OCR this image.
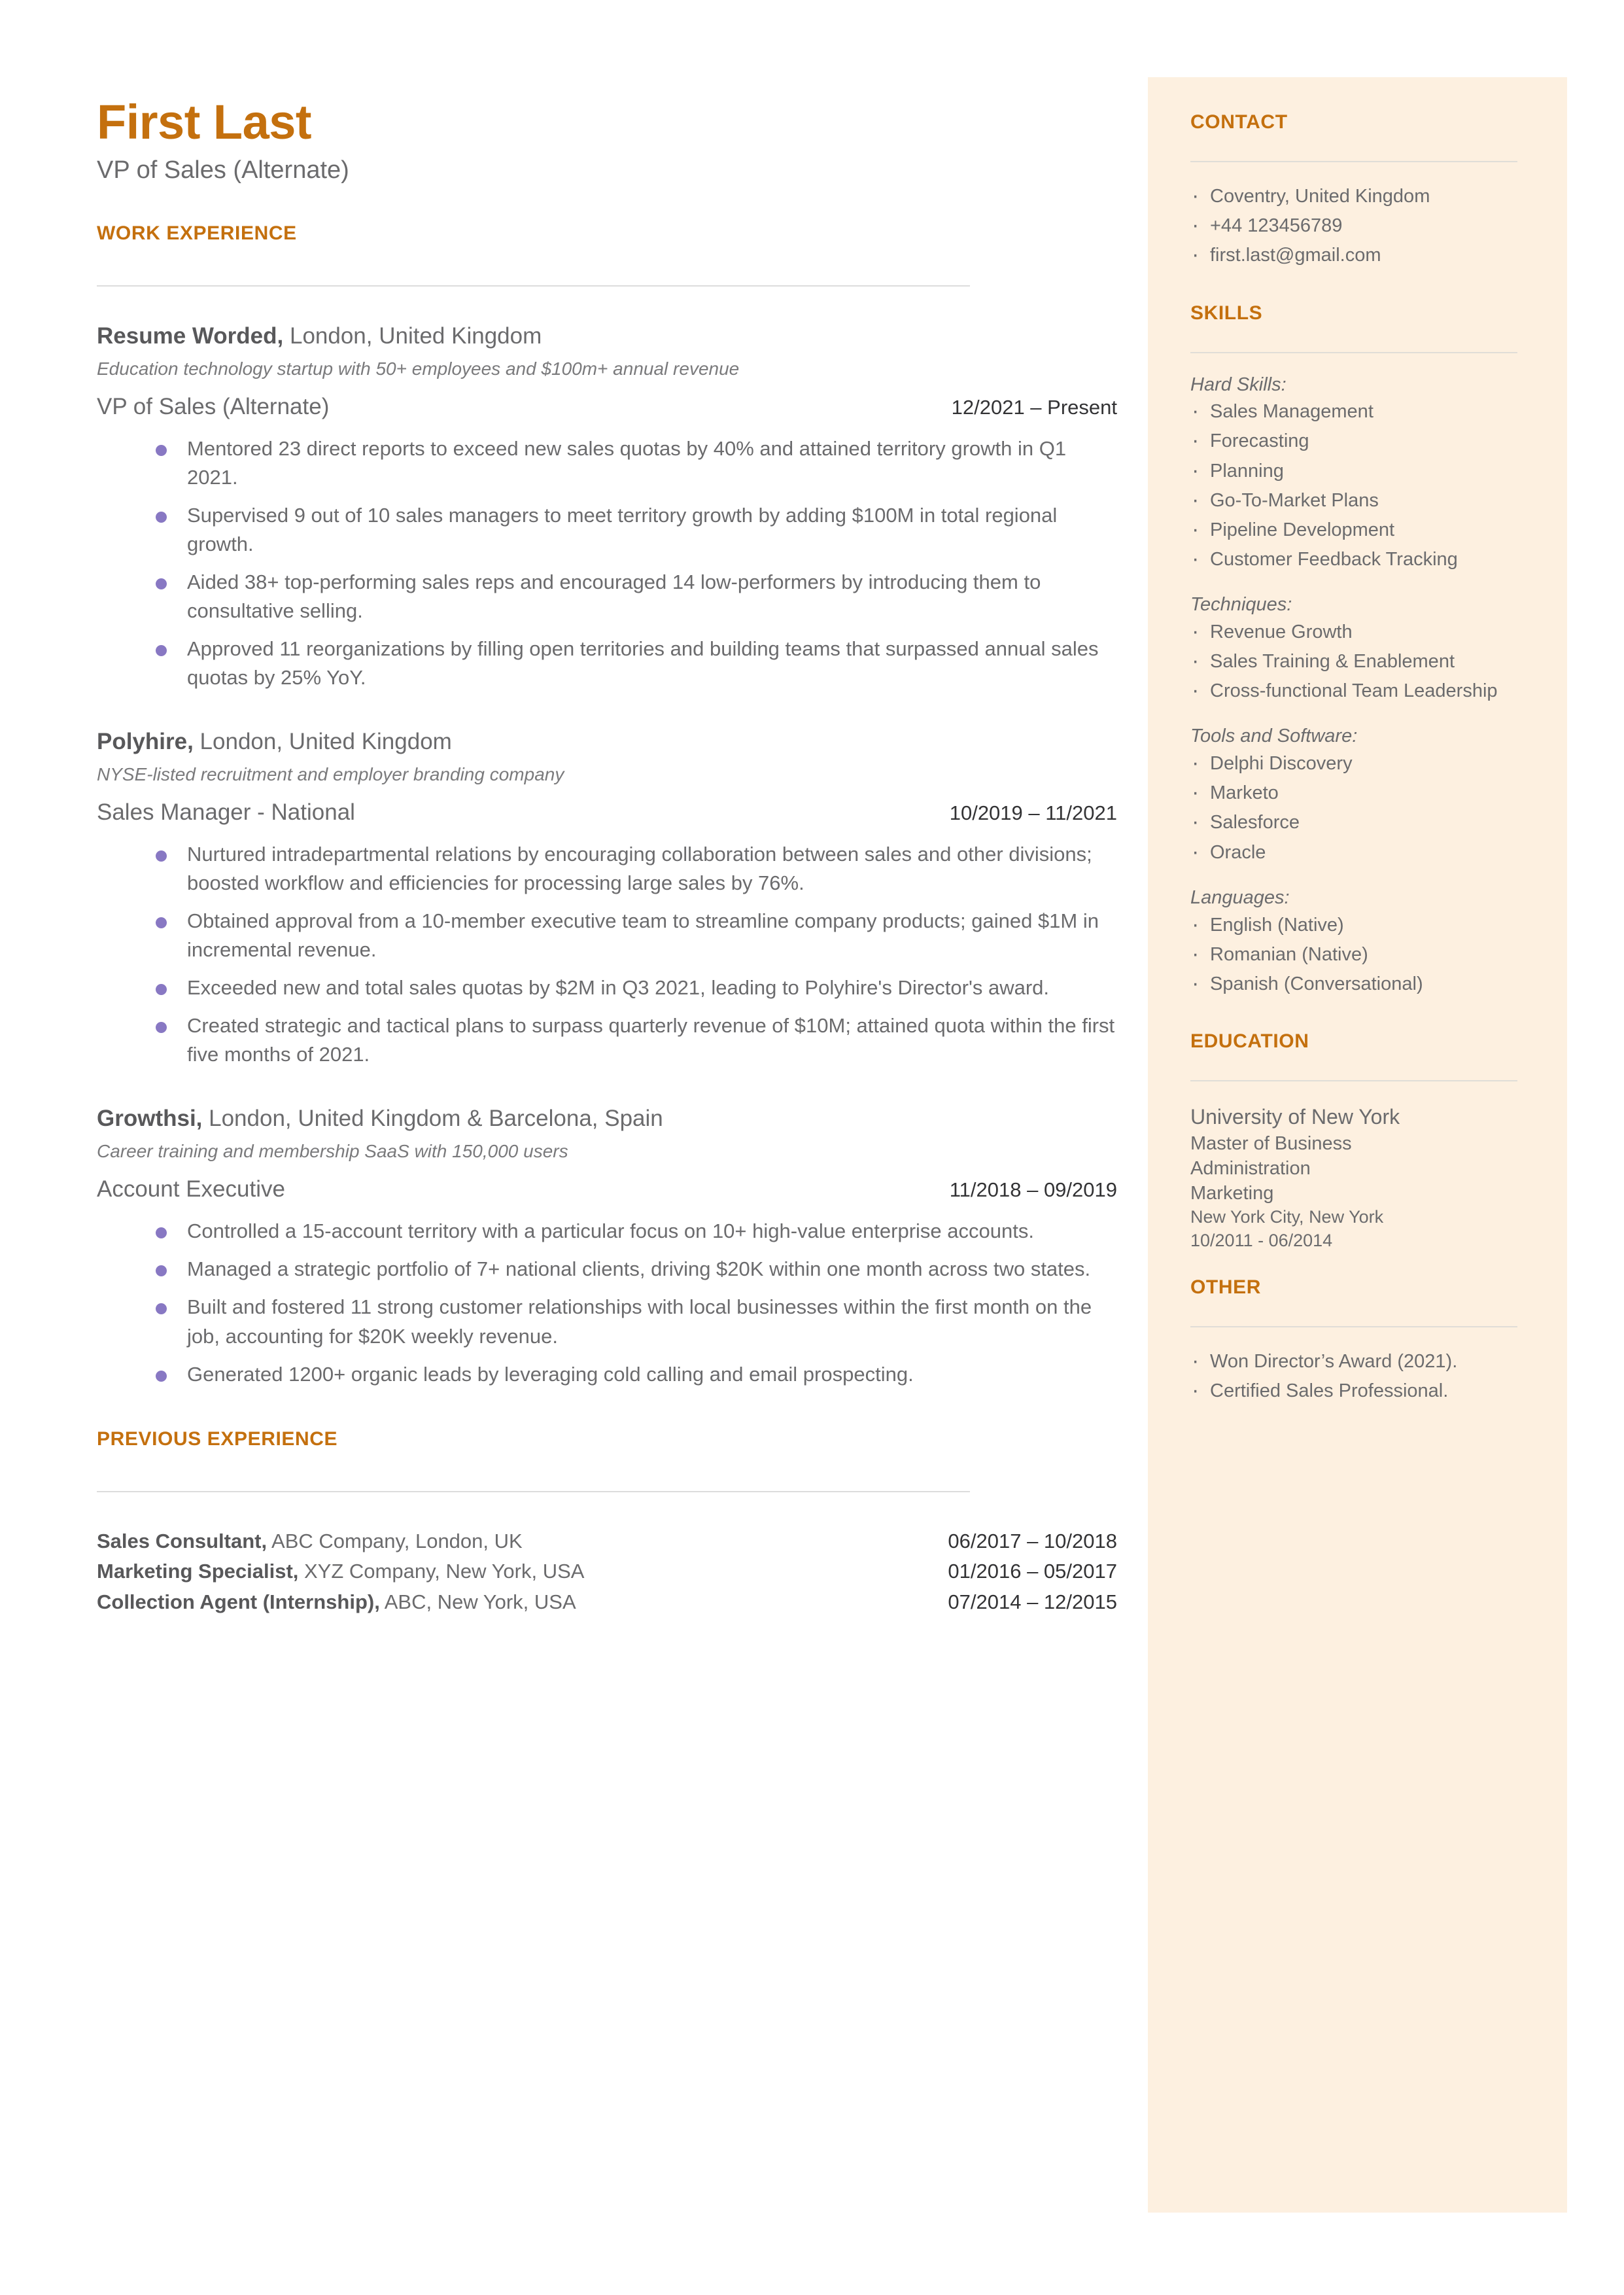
First Last
VP of Sales (Alternate)
WORK EXPERIENCE
Resume Worded, London, United Kingdom
Education technology startup with 50+ employees and $100m+ annual revenue
VP of Sales (Alternate)	12/2021 – Present
Mentored 23 direct reports to exceed new sales quotas by 40% and attained territory growth in Q1 2021.
Supervised 9 out of 10 sales managers to meet territory growth by adding $100M in total regional growth.
Aided 38+ top-performing sales reps and encouraged 14 low-performers by introducing them to consultative selling.
Approved 11 reorganizations by filling open territories and building teams that surpassed annual sales quotas by 25% YoY.
Polyhire, London, United Kingdom
NYSE-listed recruitment and employer branding company
Sales Manager - National	10/2019 – 11/2021
Nurtured intradepartmental relations by encouraging collaboration between sales and other divisions; boosted workflow and efficiencies for processing large sales by 76%.
Obtained approval from a 10-member executive team to streamline company products; gained $1M in incremental revenue.
Exceeded new and total sales quotas by $2M in Q3 2021, leading to Polyhire's Director's award.
Created strategic and tactical plans to surpass quarterly revenue of $10M; attained quota within the first five months of 2021.
Growthsi, London, United Kingdom & Barcelona, Spain
Career training and membership SaaS with 150,000 users
Account Executive	11/2018 – 09/2019
Controlled a 15-account territory with a particular focus on 10+ high-value enterprise accounts.
Managed a strategic portfolio of 7+ national clients, driving $20K within one month across two states.
Built and fostered 11 strong customer relationships with local businesses within the first month on the job, accounting for $20K weekly revenue.
Generated 1200+ organic leads by leveraging cold calling and email prospecting.
PREVIOUS EXPERIENCE
Sales Consultant, ABC Company, London, UK	06/2017 – 10/2018
Marketing Specialist, XYZ Company, New York, USA	01/2016 – 05/2017
Collection Agent (Internship), ABC, New York, USA	07/2014 – 12/2015
CONTACT
· Coventry, United Kingdom
· +44 123456789
· first.last@gmail.com
SKILLS
Hard Skills:
· Sales Management
· Forecasting
· Planning
· Go-To-Market Plans
· Pipeline Development
· Customer Feedback Tracking
Techniques:
· Revenue Growth
· Sales Training & Enablement
· Cross-functional Team Leadership
Tools and Software:
· Delphi Discovery
· Marketo
· Salesforce
· Oracle
Languages:
· English (Native)
· Romanian (Native)
· Spanish (Conversational)
EDUCATION
University of New York
Master of Business
Administration
Marketing
New York City, New York
10/2011 - 06/2014
OTHER
· Won Director’s Award (2021).
· Certified Sales Professional.
